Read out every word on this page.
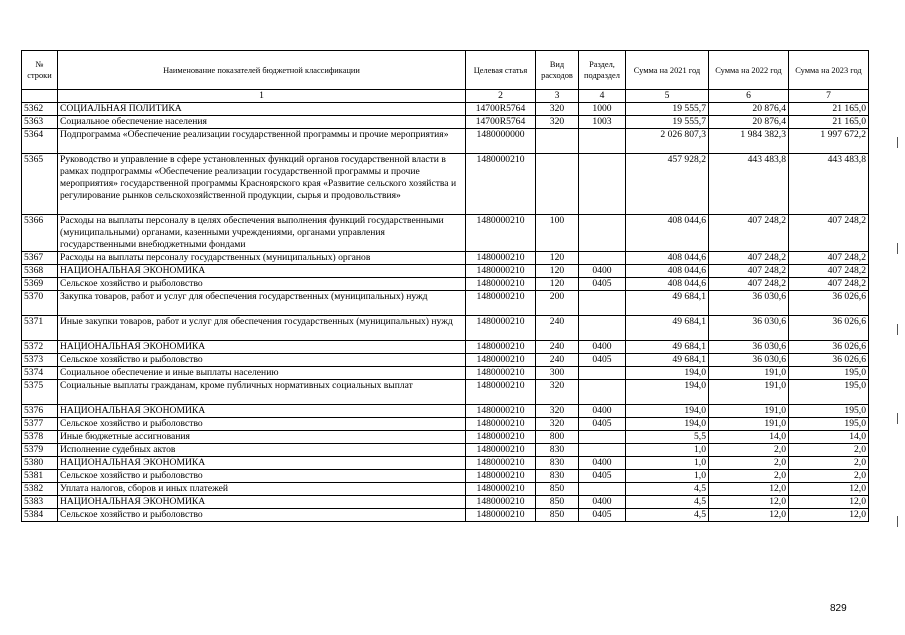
№ строки	Наименование показателей бюджетной классификации	Целевая статья	Вид расходов	Раздел, подраздел	Сумма на 2021 год	Сумма на 2022 год	Сумма на 2023 год
	1	2	3	4	5	6	7
5362	СОЦИАЛЬНАЯ ПОЛИТИКА	14700R5764	320	1000	19 555,7	20 876,4	21 165,0
5363	Социальное обеспечение населения	14700R5764	320	1003	19 555,7	20 876,4	21 165,0
5364	Подпрограмма «Обеспечение реализации государственной программы и прочие мероприятия»	1480000000			2 026 807,3	1 984 382,3	1 997 672,2
5365	Руководство и управление в сфере установленных функций органов государственной власти в рамках подпрограммы «Обеспечение реализации государственной программы и прочие мероприятия» государственной программы Красноярского края «Развитие сельского хозяйства и регулирование рынков сельскохозяйственной продукции, сырья и продовольствия»	1480000210			457 928,2	443 483,8	443 483,8
5366	Расходы на выплаты персоналу в целях обеспечения выполнения функций государственными (муниципальными) органами, казенными учреждениями, органами управления государственными внебюджетными фондами	1480000210	100		408 044,6	407 248,2	407 248,2
5367	Расходы на выплаты персоналу государственных (муниципальных) органов	1480000210	120		408 044,6	407 248,2	407 248,2
5368	НАЦИОНАЛЬНАЯ ЭКОНОМИКА	1480000210	120	0400	408 044,6	407 248,2	407 248,2
5369	Сельское хозяйство и рыболовство	1480000210	120	0405	408 044,6	407 248,2	407 248,2
5370	Закупка товаров, работ и услуг для обеспечения государственных (муниципальных) нужд	1480000210	200		49 684,1	36 030,6	36 026,6
5371	Иные закупки товаров, работ и услуг для обеспечения государственных (муниципальных) нужд	1480000210	240		49 684,1	36 030,6	36 026,6
5372	НАЦИОНАЛЬНАЯ ЭКОНОМИКА	1480000210	240	0400	49 684,1	36 030,6	36 026,6
5373	Сельское хозяйство и рыболовство	1480000210	240	0405	49 684,1	36 030,6	36 026,6
5374	Социальное обеспечение и иные выплаты населению	1480000210	300		194,0	191,0	195,0
5375	Социальные выплаты гражданам, кроме публичных нормативных социальных выплат	1480000210	320		194,0	191,0	195,0
5376	НАЦИОНАЛЬНАЯ ЭКОНОМИКА	1480000210	320	0400	194,0	191,0	195,0
5377	Сельское хозяйство и рыболовство	1480000210	320	0405	194,0	191,0	195,0
5378	Иные бюджетные ассигнования	1480000210	800		5,5	14,0	14,0
5379	Исполнение судебных актов	1480000210	830		1,0	2,0	2,0
5380	НАЦИОНАЛЬНАЯ ЭКОНОМИКА	1480000210	830	0400	1,0	2,0	2,0
5381	Сельское хозяйство и рыболовство	1480000210	830	0405	1,0	2,0	2,0
5382	Уплата налогов, сборов и иных платежей	1480000210	850		4,5	12,0	12,0
5383	НАЦИОНАЛЬНАЯ ЭКОНОМИКА	1480000210	850	0400	4,5	12,0	12,0
5384	Сельское хозяйство и рыболовство	1480000210	850	0405	4,5	12,0	12,0
829
